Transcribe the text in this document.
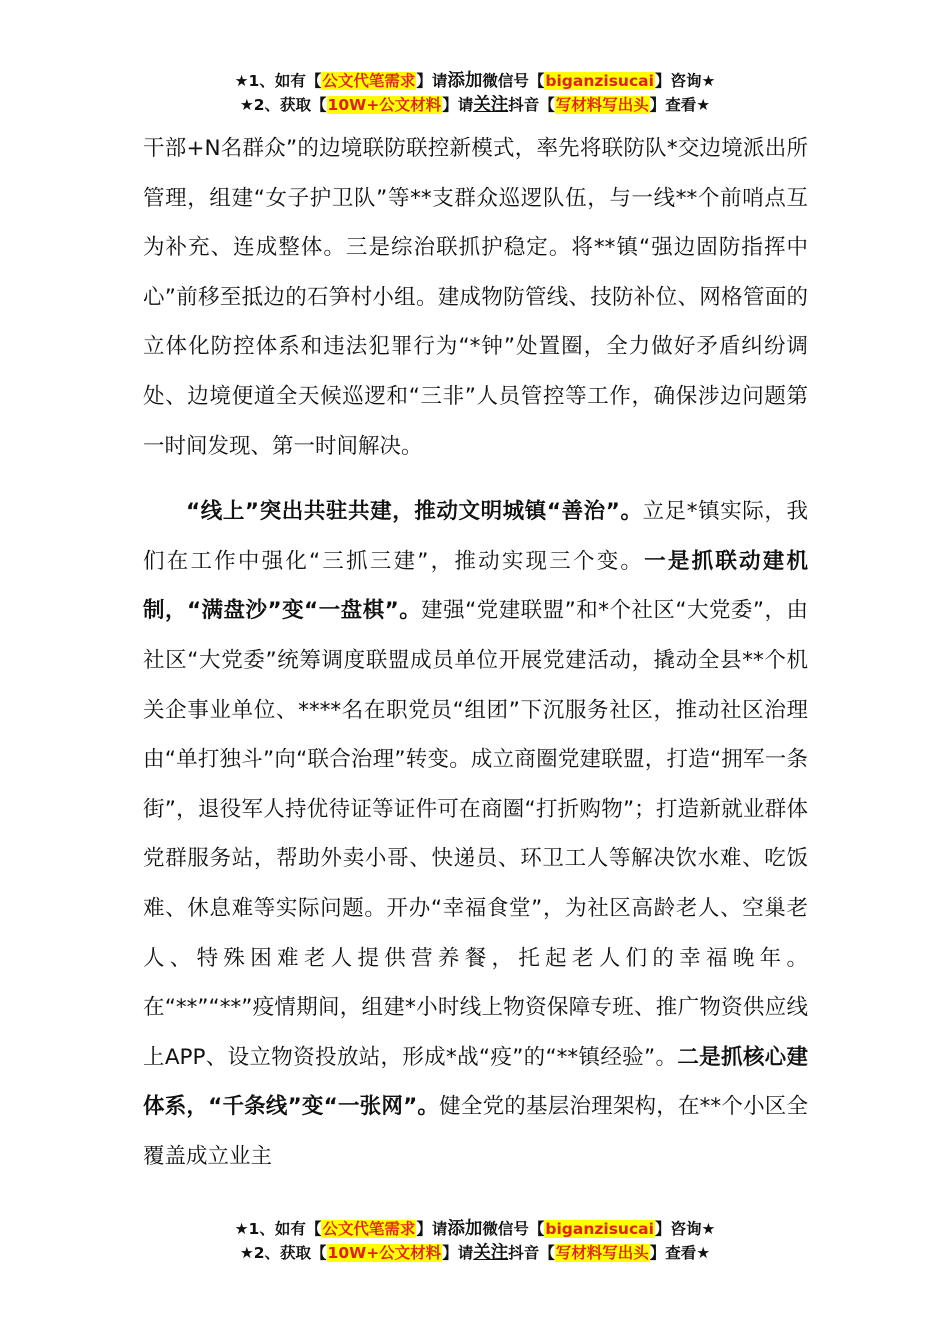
★1、如有【公文代笔需求】请添加微信号【biganzisucai】咨询★
★2、获取【10W+公文材料】请关注抖音【写材料写出头】查看★

干部+N名群众”的边境联防联控新模式，率先将联防队*交边境派出所管理，组建“女子护卫队”等**支群众巡逻队伍，与一线**个前哨点互为补充、连成整体。三是综治联抓护稳定。将**镇“强边固防指挥中心”前移至抵边的石笋村小组。建成物防管线、技防补位、网格管面的立体化防控体系和违法犯罪行为“*钟”处置圈，全力做好矛盾纠纷调处、边境便道全天候巡逻和“三非”人员管控等工作，确保涉边问题第一时间发现、第一时间解决。

“线上”突出共驻共建，推动文明城镇“善治”。立足*镇实际，我们在工作中强化“三抓三建”，推动实现三个变。一是抓联动建机制，“满盘沙”变“一盘棋”。建强“党建联盟”和*个社区“大党委”，由社区“大党委”统筹调度联盟成员单位开展党建活动，撬动全县**个机关企事业单位、****名在职党员“组团”下沉服务社区，推动社区治理由“单打独斗”向“联合治理”转变。成立商圈党建联盟，打造“拥军一条街”，退役军人持优待证等证件可在商圈“打折购物”；打造新就业群体党群服务站，帮助外卖小哥、快递员、环卫工人等解决饮水难、吃饭难、休息难等实际问题。开办“幸福食堂”，为社区高龄老人、空巢老人、特殊困难老人提供营养餐，托起老人们的幸福晚年。在“**”“**”疫情期间，组建*小时线上物资保障专班、推广物资供应线上APP、设立物资投放站，形成*战“疫”的“**镇经验”。二是抓核心建体系，“千条线”变“一张网”。健全党的基层治理架构，在**个小区全覆盖成立业主

★1、如有【公文代笔需求】请添加微信号【biganzisucai】咨询★
★2、获取【10W+公文材料】请关注抖音【写材料写出头】查看★
